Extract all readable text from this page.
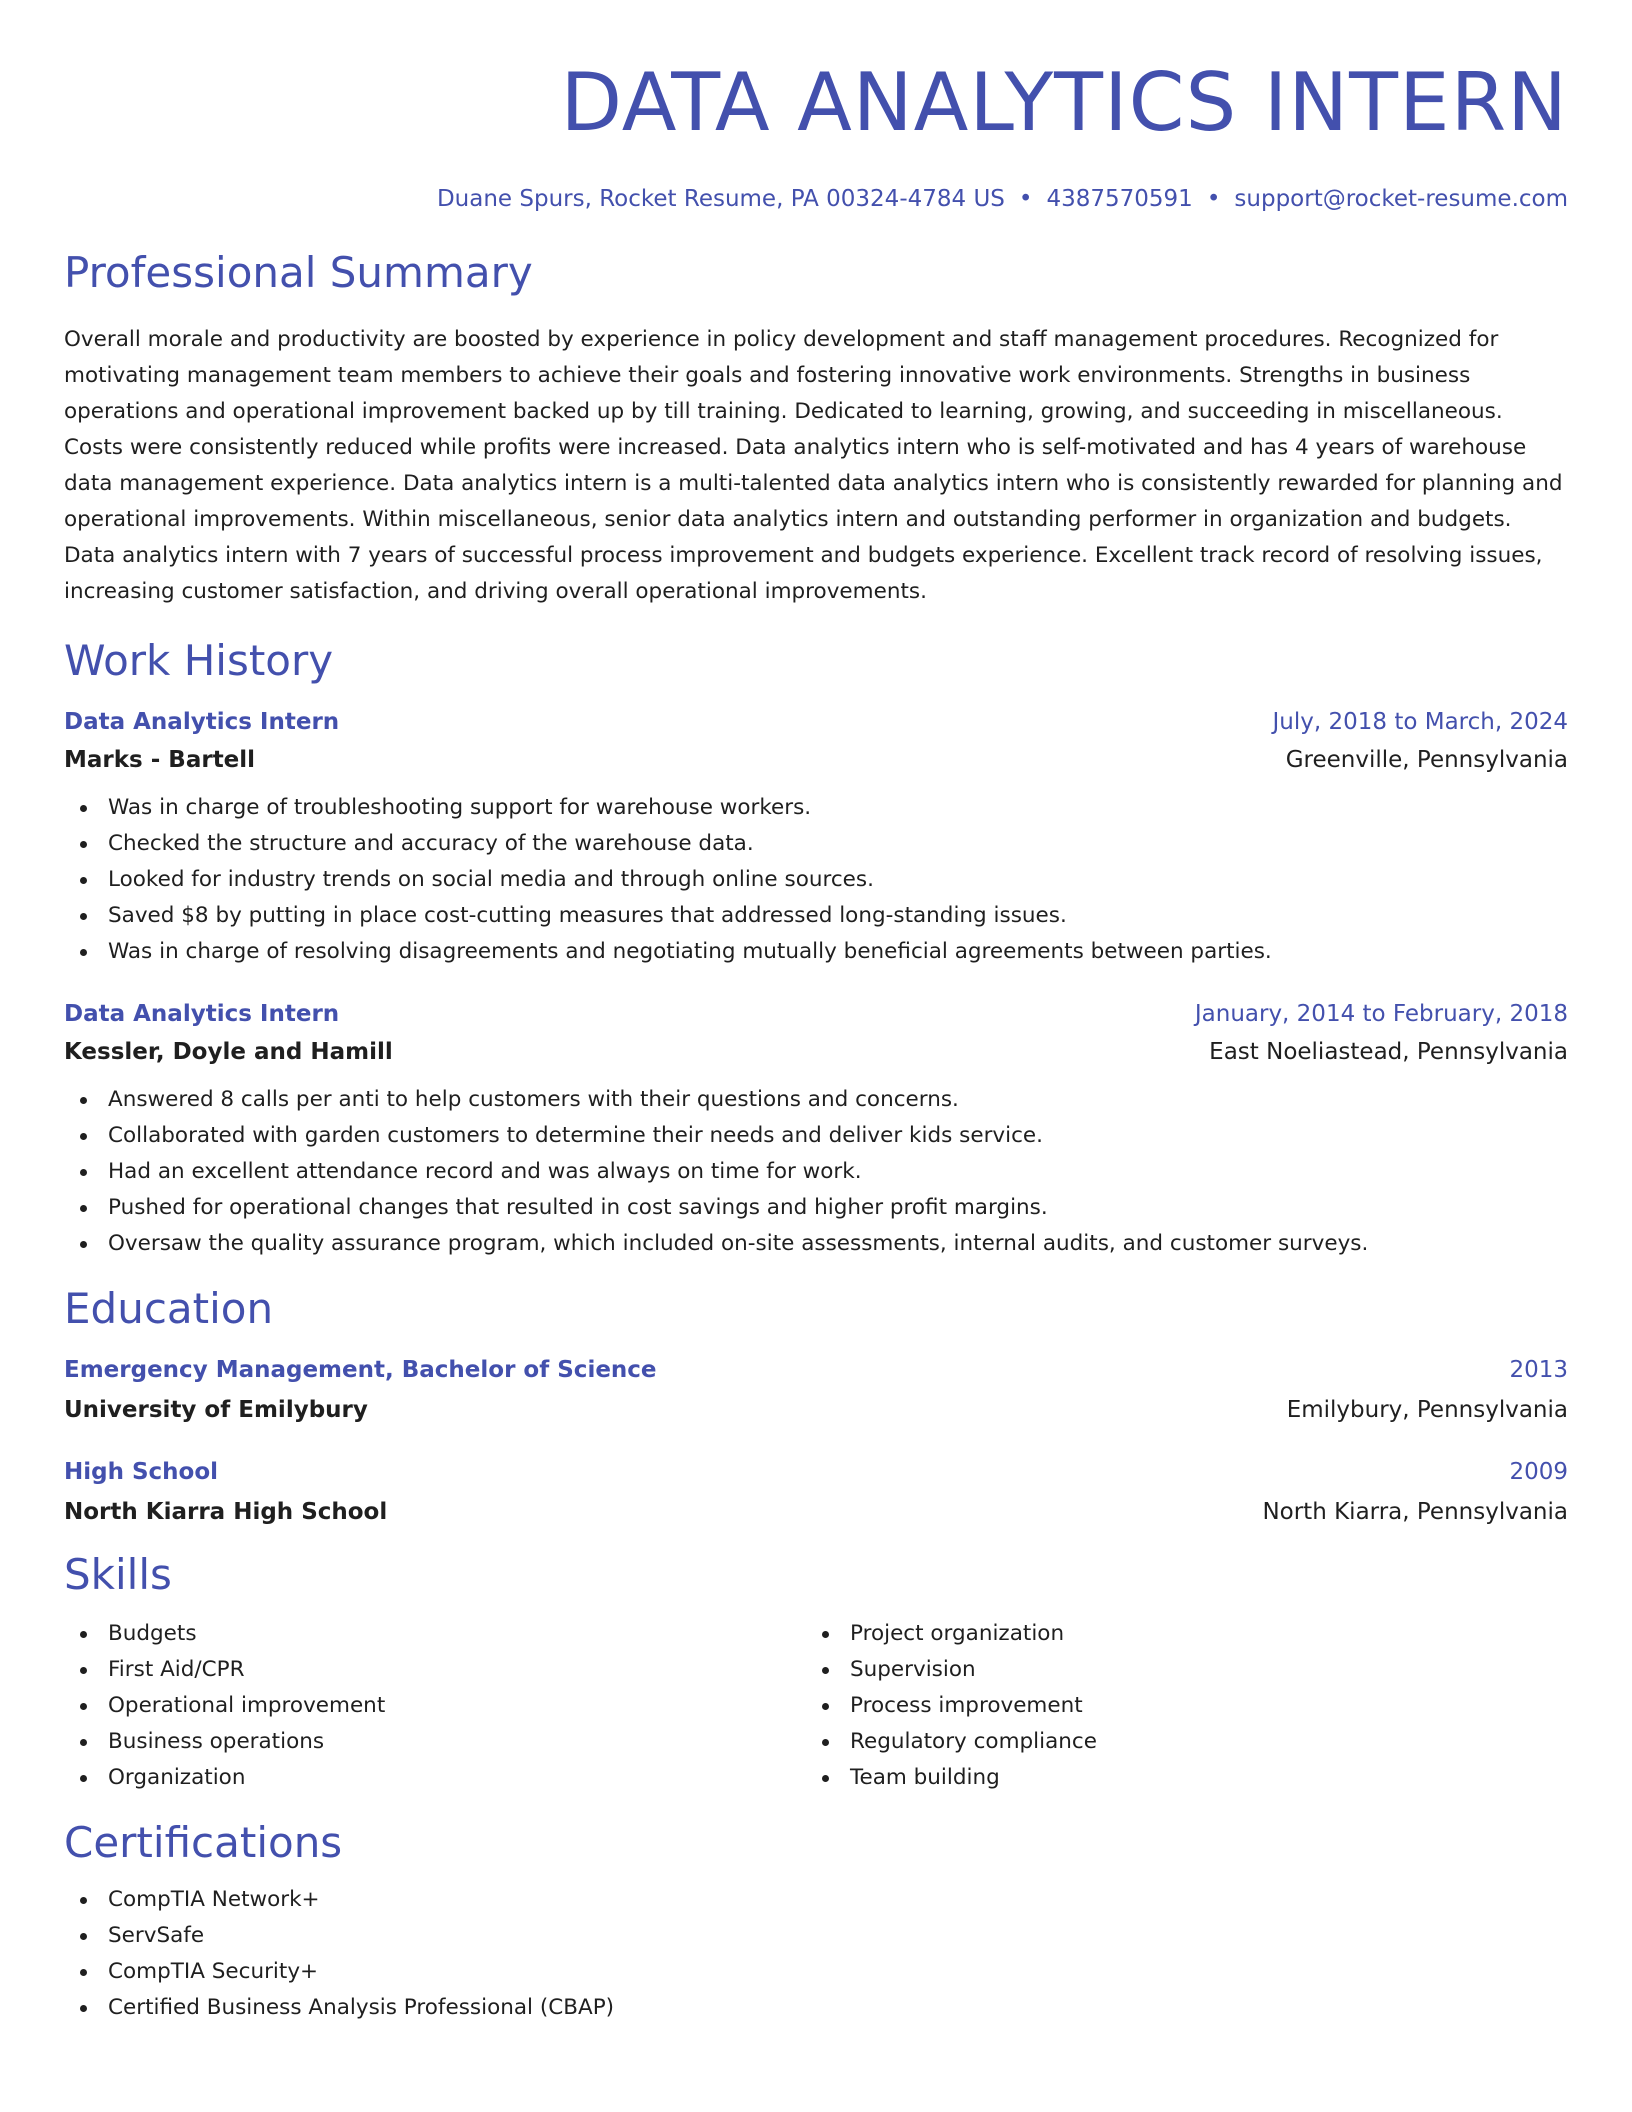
DATA ANALYTICS INTERN
Duane Spurs, Rocket Resume, PA 00324-4784 US • 4387570591 • support@rocket-resume.com
Professional Summary

Overall morale and productivity are boosted by experience in policy development and staff management procedures. Recognized for motivating management team members to achieve their goals and fostering innovative work environments. Strengths in business operations and operational improvement backed up by till training. Dedicated to learning, growing, and succeeding in miscellaneous. Costs were consistently reduced while profits were increased. Data analytics intern who is self-motivated and has 4 years of warehouse data management experience. Data analytics intern is a multi-talented data analytics intern who is consistently rewarded for planning and operational improvements. Within miscellaneous, senior data analytics intern and outstanding performer in organization and budgets. Data analytics intern with 7 years of successful process improvement and budgets experience. Excellent track record of resolving issues, increasing customer satisfaction, and driving overall operational improvements.

Work History
Data Analytics Intern	July, 2018 to March, 2024
Marks - Bartell	Greenville, Pennsylvania
Was in charge of troubleshooting support for warehouse workers.
Checked the structure and accuracy of the warehouse data.
Looked for industry trends on social media and through online sources.
Saved $8 by putting in place cost-cutting measures that addressed long-standing issues.
Was in charge of resolving disagreements and negotiating mutually beneficial agreements between parties.
Data Analytics Intern	January, 2014 to February, 2018
Kessler, Doyle and Hamill	East Noeliastead, Pennsylvania
Answered 8 calls per anti to help customers with their questions and concerns.
Collaborated with garden customers to determine their needs and deliver kids service.
Had an excellent attendance record and was always on time for work.
Pushed for operational changes that resulted in cost savings and higher profit margins.
Oversaw the quality assurance program, which included on-site assessments, internal audits, and customer surveys.
Education
Emergency Management, Bachelor of Science	2013
University of Emilybury	Emilybury, Pennsylvania
High School	2009
North Kiarra High School	North Kiarra, Pennsylvania
Skills
Budgets
First Aid/CPR
Operational improvement
Business operations
Organization
Project organization
Supervision
Process improvement
Regulatory compliance
Team building
Certifications
CompTIA Network+
ServSafe
CompTIA Security+
Certified Business Analysis Professional (CBAP)
